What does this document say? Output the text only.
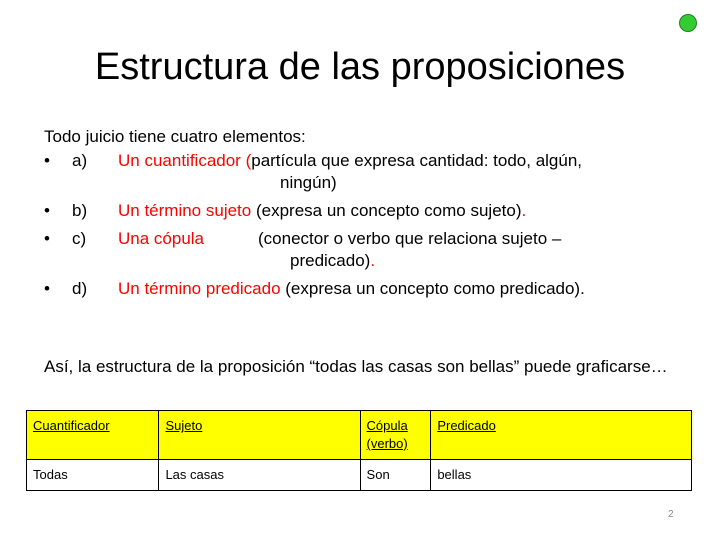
Estructura de las proposiciones

Todo juicio tiene cuatro elementos:

• a) Un cuantificador (partícula que expresa cantidad: todo, algún,
ningún)
• b) Un término sujeto (expresa un concepto como sujeto).
• c) Una cópula	(conector o verbo que relaciona sujeto –
predicado).
• d) Un término predicado (expresa un concepto como predicado).

Así, la estructura de la proposición “todas las casas son bellas” puede graficarse…

Cuantificador	Sujeto	Cópula (verbo)	Predicado
Todas	Las casas	Son	bellas
2
